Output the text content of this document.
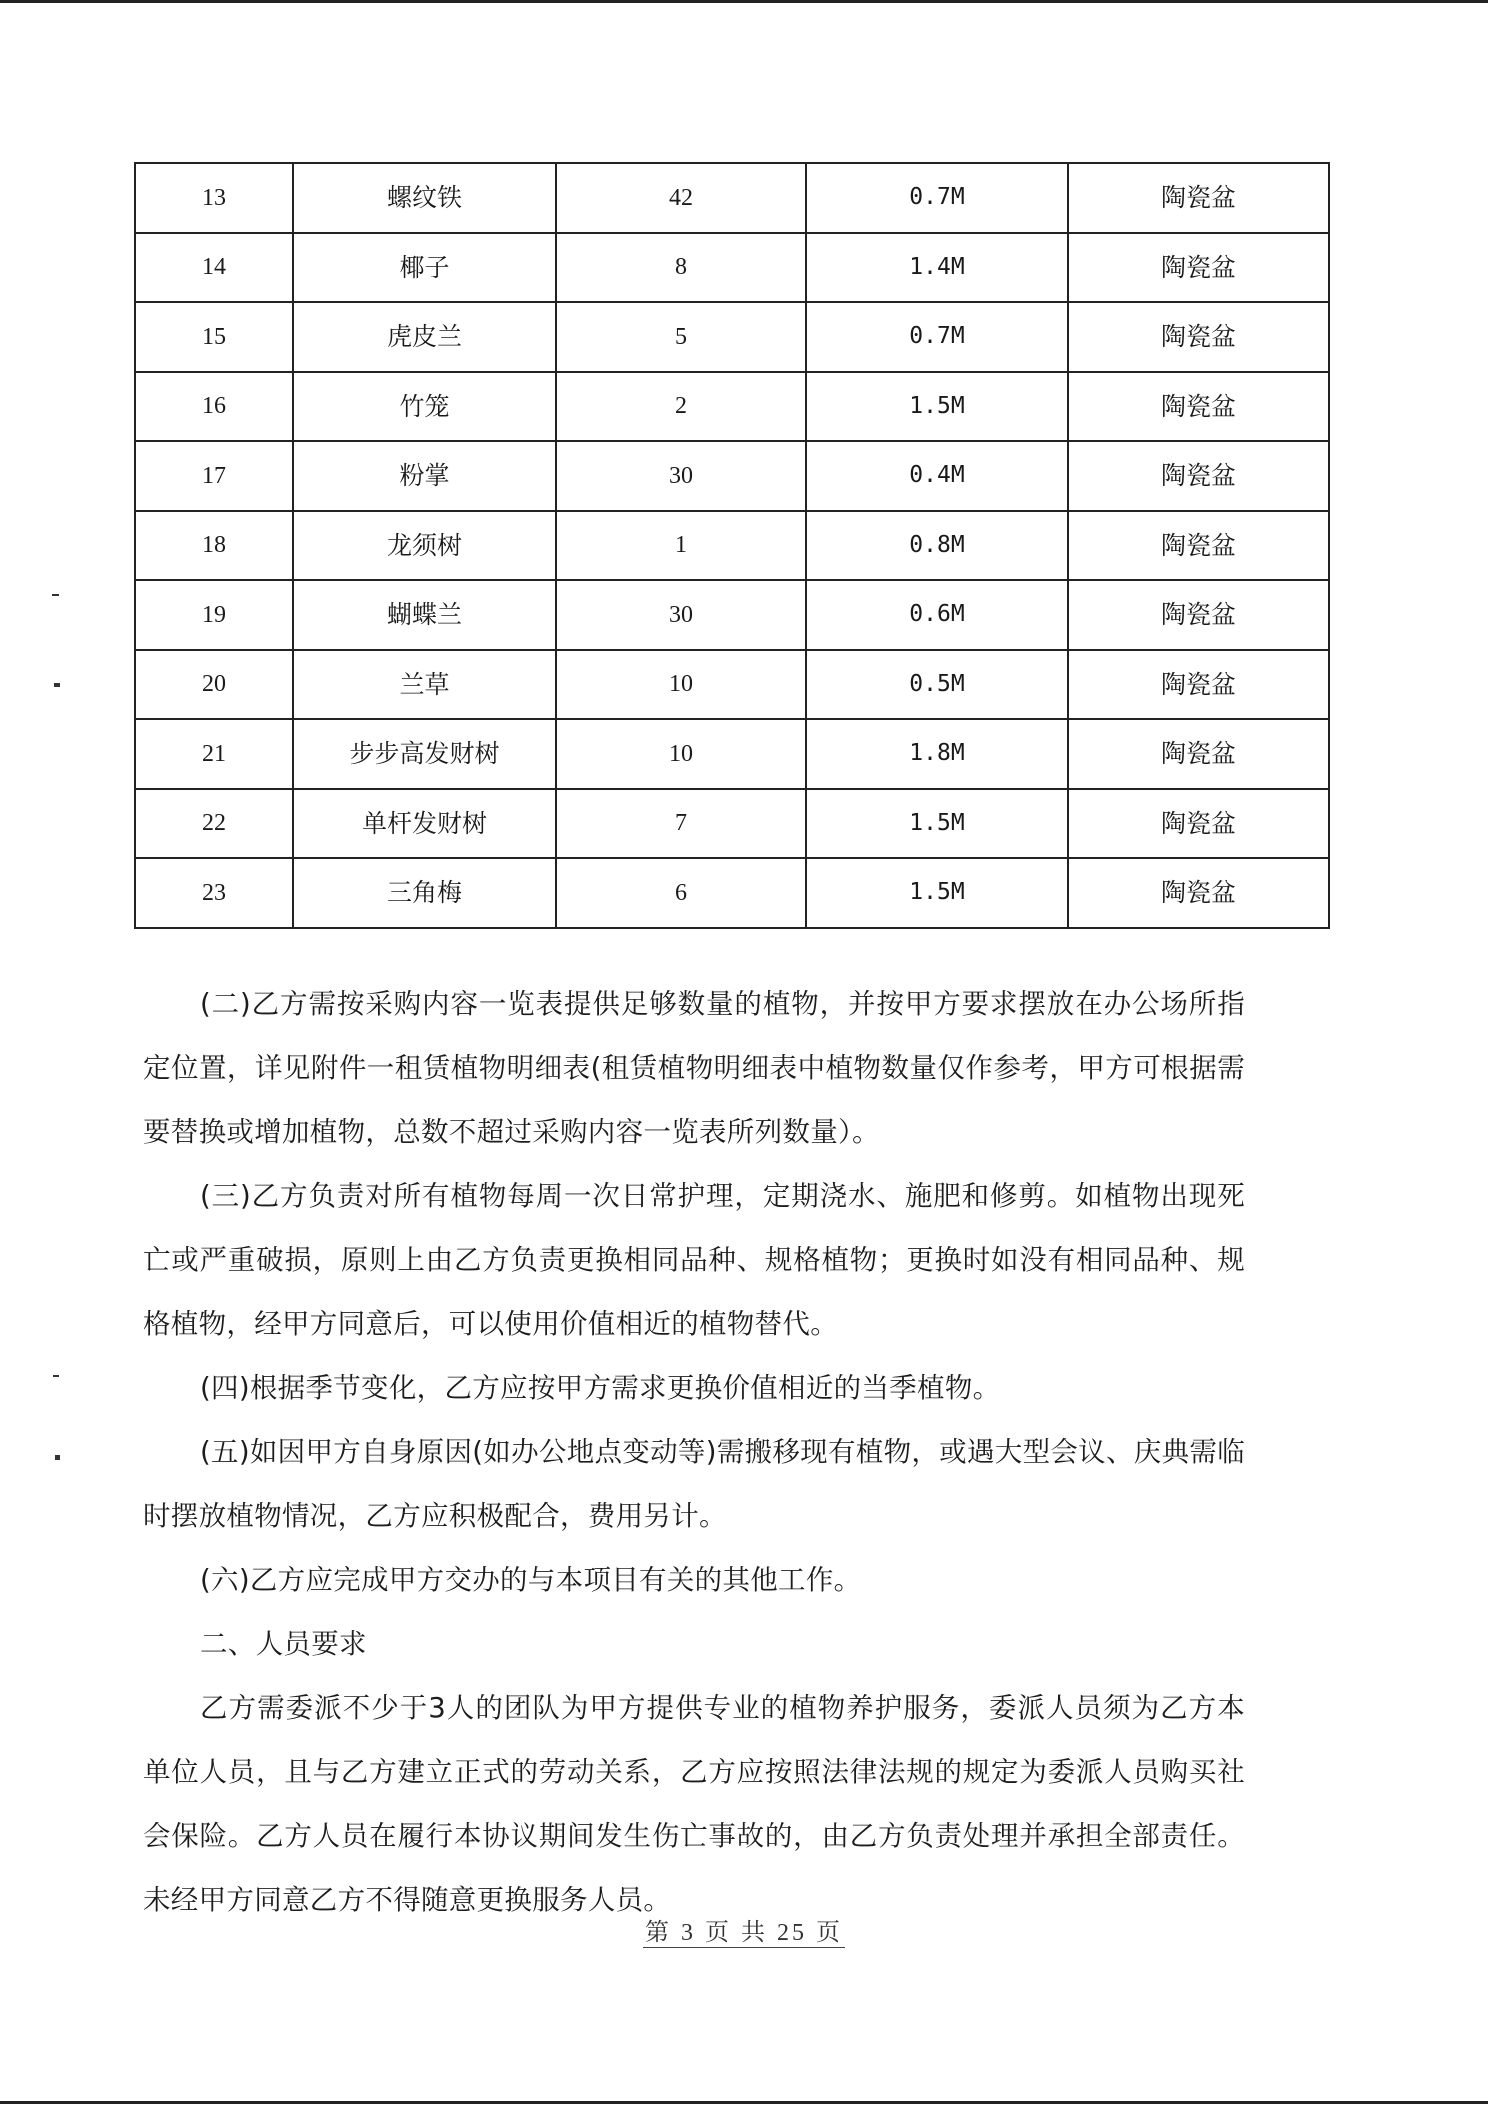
13	螺纹铁	42	0.7M	陶瓷盆
14	椰子	8	1.4M	陶瓷盆
15	虎皮兰	5	0.7M	陶瓷盆
16	竹笼	2	1.5M	陶瓷盆
17	粉掌	30	0.4M	陶瓷盆
18	龙须树	1	0.8M	陶瓷盆
19	蝴蝶兰	30	0.6M	陶瓷盆
20	兰草	10	0.5M	陶瓷盆
21	步步高发财树	10	1.8M	陶瓷盆
22	单杆发财树	7	1.5M	陶瓷盆
23	三角梅	6	1.5M	陶瓷盆

(二)乙方需按采购内容一览表提供足够数量的植物，并按甲方要求摆放在办公场所指定位置，详见附件一租赁植物明细表(租赁植物明细表中植物数量仅作参考，甲方可根据需要替换或增加植物，总数不超过采购内容一览表所列数量）。

(三)乙方负责对所有植物每周一次日常护理，定期浇水、施肥和修剪。如植物出现死亡或严重破损，原则上由乙方负责更换相同品种、规格植物；更换时如没有相同品种、规格植物，经甲方同意后，可以使用价值相近的植物替代。

(四)根据季节变化，乙方应按甲方需求更换价值相近的当季植物。

(五)如因甲方自身原因(如办公地点变动等)需搬移现有植物，或遇大型会议、庆典需临时摆放植物情况，乙方应积极配合，费用另计。

(六)乙方应完成甲方交办的与本项目有关的其他工作。

二、人员要求

乙方需委派不少于3人的团队为甲方提供专业的植物养护服务，委派人员须为乙方本单位人员，且与乙方建立正式的劳动关系，乙方应按照法律法规的规定为委派人员购买社会保险。乙方人员在履行本协议期间发生伤亡事故的，由乙方负责处理并承担全部责任。未经甲方同意乙方不得随意更换服务人员。

第 3 页 共 25 页
